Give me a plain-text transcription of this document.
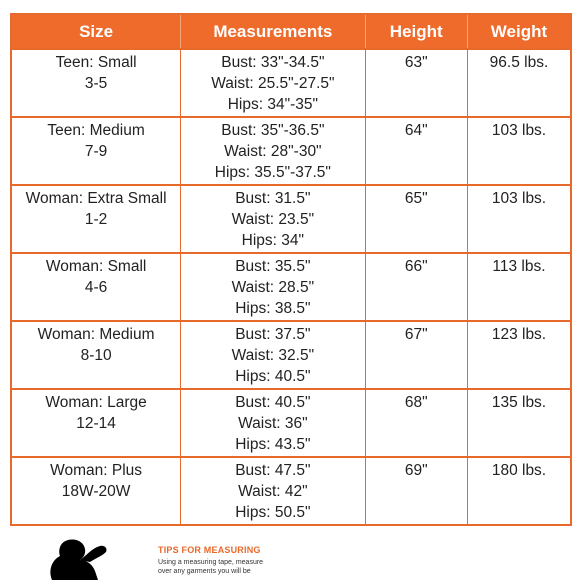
Size	Measurements	Height	Weight

Teen: Small
3-5	Bust: 33"-34.5"
Waist: 25.5"-27.5"
Hips: 34"-35"	63"	96.5 lbs.

Teen: Medium
7-9	Bust: 35"-36.5"
Waist: 28"-30"
Hips: 35.5"-37.5"	64"	103 lbs.

Woman: Extra Small
1-2	Bust: 31.5"
Waist: 23.5"
Hips: 34"	65"	103 lbs.

Woman: Small
4-6	Bust: 35.5"
Waist: 28.5"
Hips: 38.5"	66"	113 lbs.

Woman: Medium
8-10	Bust: 37.5"
Waist: 32.5"
Hips: 40.5"	67"	123 lbs.

Woman: Large
12-14	Bust: 40.5"
Waist: 36"
Hips: 43.5"	68"	135 lbs.

Woman: Plus
18W-20W	Bust: 47.5"
Waist: 42"
Hips: 50.5"	69"	180 lbs.
TIPS FOR MEASURING
Using a measuring tape, measure
over any garments you will be
